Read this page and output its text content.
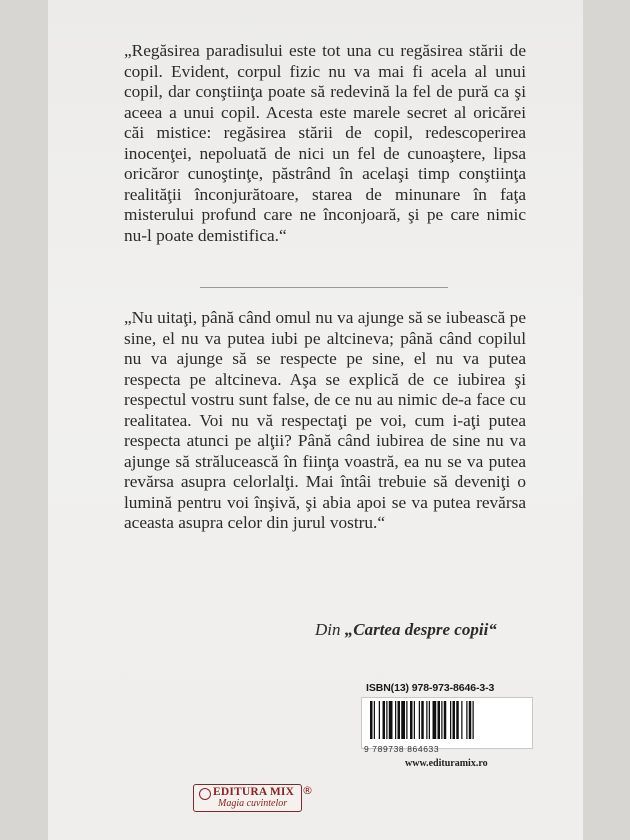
„Regăsirea paradisului este tot una cu regăsirea stării de copil. Evident, corpul fizic nu va mai fi acela al unui copil, dar conştiinţa poate să redevină la fel de pură ca şi aceea a unui copil. Acesta este marele secret al oricărei căi mistice: regăsirea stării de copil, redescoperirea inocenţei, nepoluată de nici un fel de cunoaştere, lipsa oricăror cunoştinţe, păstrând în acelaşi timp conştiinţa realităţii înconjurătoare, starea de minunare în faţa misterului profund care ne înconjoară, şi pe care nimic nu-l poate demistifica.“

„Nu uitaţi, până când omul nu va ajunge să se iubească pe sine, el nu va putea iubi pe altcineva; până când copilul nu va ajunge să se respecte pe sine, el nu va putea respecta pe altcineva. Aşa se explică de ce iubirea şi respectul vostru sunt false, de ce nu au nimic de-a face cu realitatea. Voi nu vă respectaţi pe voi, cum i-aţi putea respecta atunci pe alţii? Până când iubirea de sine nu va ajunge să strălucească în fiinţa voastră, ea nu se va putea revărsa asupra celorlalţi. Mai întâi trebuie să deveniţi o lumină pentru voi înşivă, şi abia apoi se va putea revărsa aceasta asupra celor din jurul vostru.“

Din „Cartea despre copii“
ISBN(13) 978-973-8646-3-3
9 789738 864633
www.edituramix.ro
EDITURA MIX
Magia cuvintelor
®
